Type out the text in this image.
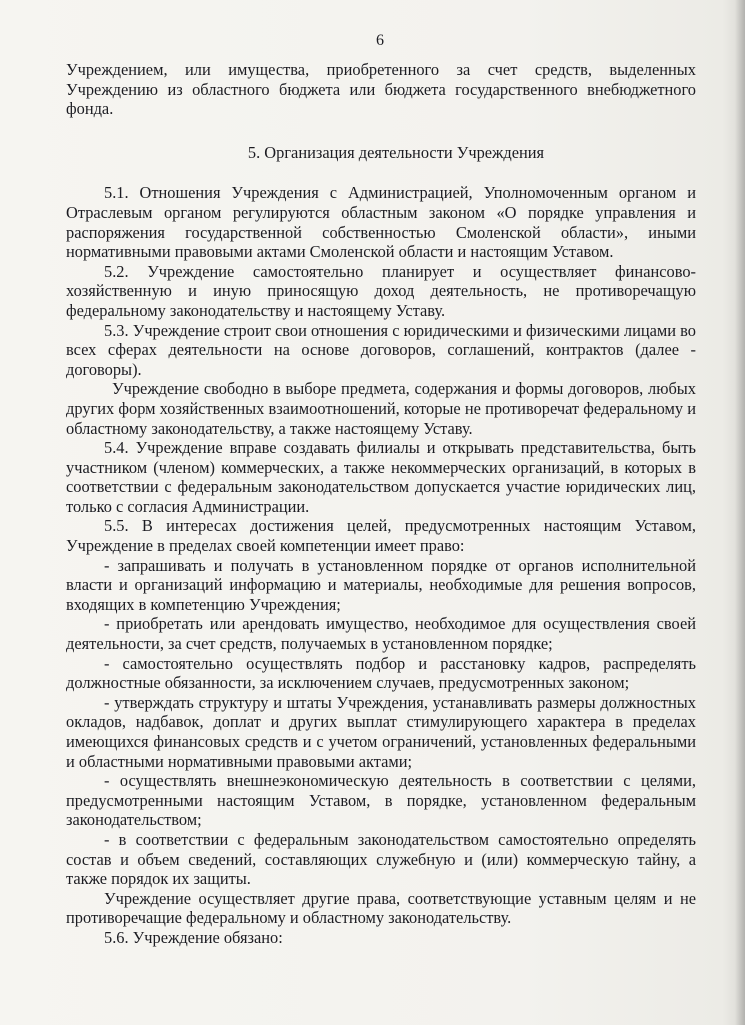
6

Учреждением, или имущества, приобретенного за счет средств, выделенных Учреждению из областного бюджета или бюджета государственного внебюджетного фонда.

5. Организация деятельности Учреждения

5.1. Отношения Учреждения с Администрацией, Уполномоченным органом и Отраслевым органом регулируются областным законом «О порядке управления и распоряжения государственной собственностью Смоленской области», иными нормативными правовыми актами Смоленской области и настоящим Уставом.

5.2. Учреждение самостоятельно планирует и осуществляет финансово-хозяйственную и иную приносящую доход деятельность, не противоречащую федеральному законодательству и настоящему Уставу.

5.3. Учреждение строит свои отношения с юридическими и физическими лицами во всех сферах деятельности на основе договоров, соглашений, контрактов (далее - договоры).

Учреждение свободно в выборе предмета, содержания и формы договоров, любых других форм хозяйственных взаимоотношений, которые не противоречат федеральному и областному законодательству, а также настоящему Уставу.

5.4. Учреждение вправе создавать филиалы и открывать представительства, быть участником (членом) коммерческих, а также некоммерческих организаций, в которых в соответствии с федеральным законодательством допускается участие юридических лиц, только с согласия Администрации.

5.5. В интересах достижения целей, предусмотренных настоящим Уставом, Учреждение в пределах своей компетенции имеет право:

- запрашивать и получать в установленном порядке от органов исполнительной власти и организаций информацию и материалы, необходимые для решения вопросов, входящих в компетенцию Учреждения;

- приобретать или арендовать имущество, необходимое для осуществления своей деятельности, за счет средств, получаемых в установленном порядке;

- самостоятельно осуществлять подбор и расстановку кадров, распределять должностные обязанности, за исключением случаев, предусмотренных законом;

- утверждать структуру и штаты Учреждения, устанавливать размеры должностных окладов, надбавок, доплат и других выплат стимулирующего характера в пределах имеющихся финансовых средств и с учетом ограничений, установленных федеральными и областными нормативными правовыми актами;

- осуществлять внешнеэкономическую деятельность в соответствии с целями, предусмотренными настоящим Уставом, в порядке, установленном федеральным законодательством;

- в соответствии с федеральным законодательством самостоятельно определять состав и объем сведений, составляющих служебную и (или) коммерческую тайну, а также порядок их защиты.

Учреждение осуществляет другие права, соответствующие уставным целям и не противоречащие федеральному и областному законодательству.

5.6. Учреждение обязано:
